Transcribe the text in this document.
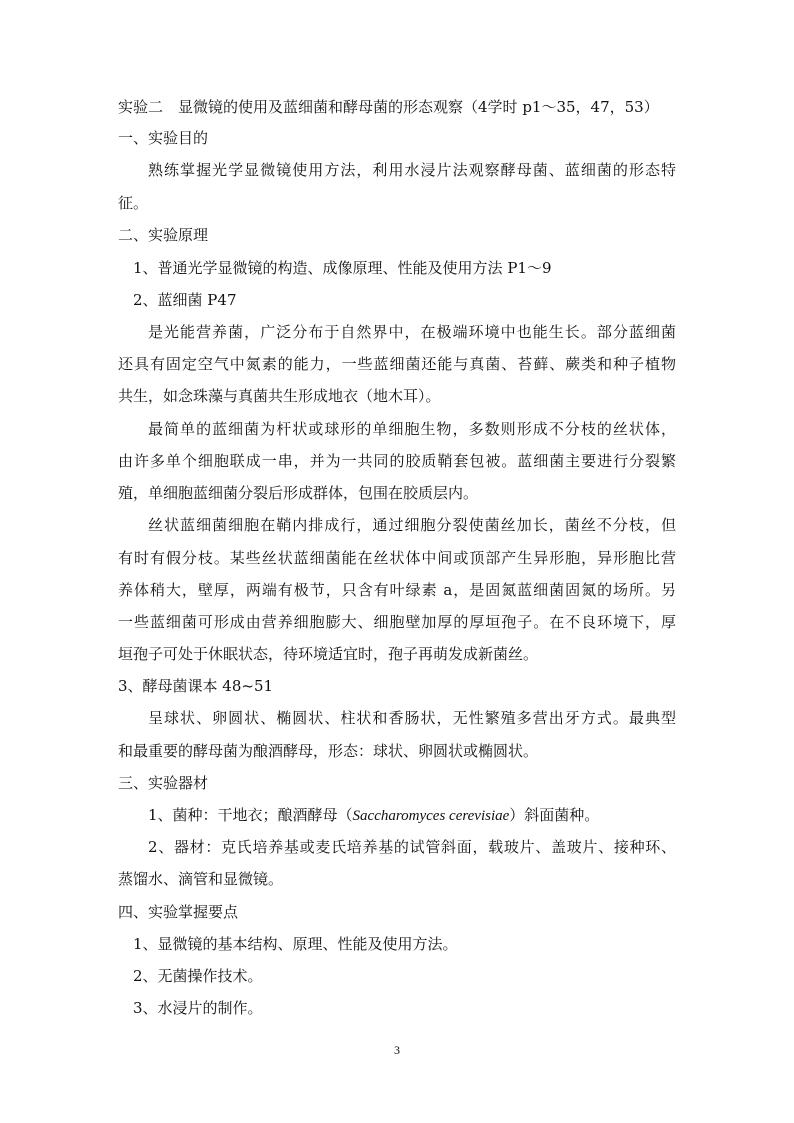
实验二　显微镜的使用及蓝细菌和酵母菌的形态观察（4学时 p1～35，47，53）
一、实验目的
熟练掌握光学显微镜使用方法，利用水浸片法观察酵母菌、蓝细菌的形态特
征。
二、实验原理
1、普通光学显微镜的构造、成像原理、性能及使用方法 P1～9
2、蓝细菌 P47
是光能营养菌，广泛分布于自然界中，在极端环境中也能生长。部分蓝细菌
还具有固定空气中氮素的能力，一些蓝细菌还能与真菌、苔藓、蕨类和种子植物
共生，如念珠藻与真菌共生形成地衣（地木耳）。
最简单的蓝细菌为杆状或球形的单细胞生物，多数则形成不分枝的丝状体，
由许多单个细胞联成一串，并为一共同的胶质鞘套包被。蓝细菌主要进行分裂繁
殖，单细胞蓝细菌分裂后形成群体，包围在胶质层内。
丝状蓝细菌细胞在鞘内排成行，通过细胞分裂使菌丝加长，菌丝不分枝，但
有时有假分枝。某些丝状蓝细菌能在丝状体中间或顶部产生异形胞，异形胞比营
养体稍大，壁厚，两端有极节，只含有叶绿素 a，是固氮蓝细菌固氮的场所。另
一些蓝细菌可形成由营养细胞膨大、细胞壁加厚的厚垣孢子。在不良环境下，厚
垣孢子可处于休眠状态，待环境适宜时，孢子再萌发成新菌丝。
3、酵母菌课本 48~51
呈球状、卵圆状、椭圆状、柱状和香肠状，无性繁殖多营出牙方式。最典型
和最重要的酵母菌为酿酒酵母，形态：球状、卵圆状或椭圆状。
三、实验器材
1、菌种：干地衣；酿酒酵母（Saccharomyces cerevisiae）斜面菌种。
2、器材：克氏培养基或麦氏培养基的试管斜面，载玻片、盖玻片、接种环、
蒸馏水、滴管和显微镜。
四、实验掌握要点
1、显微镜的基本结构、原理、性能及使用方法。
2、无菌操作技术。
3、水浸片的制作。
3
